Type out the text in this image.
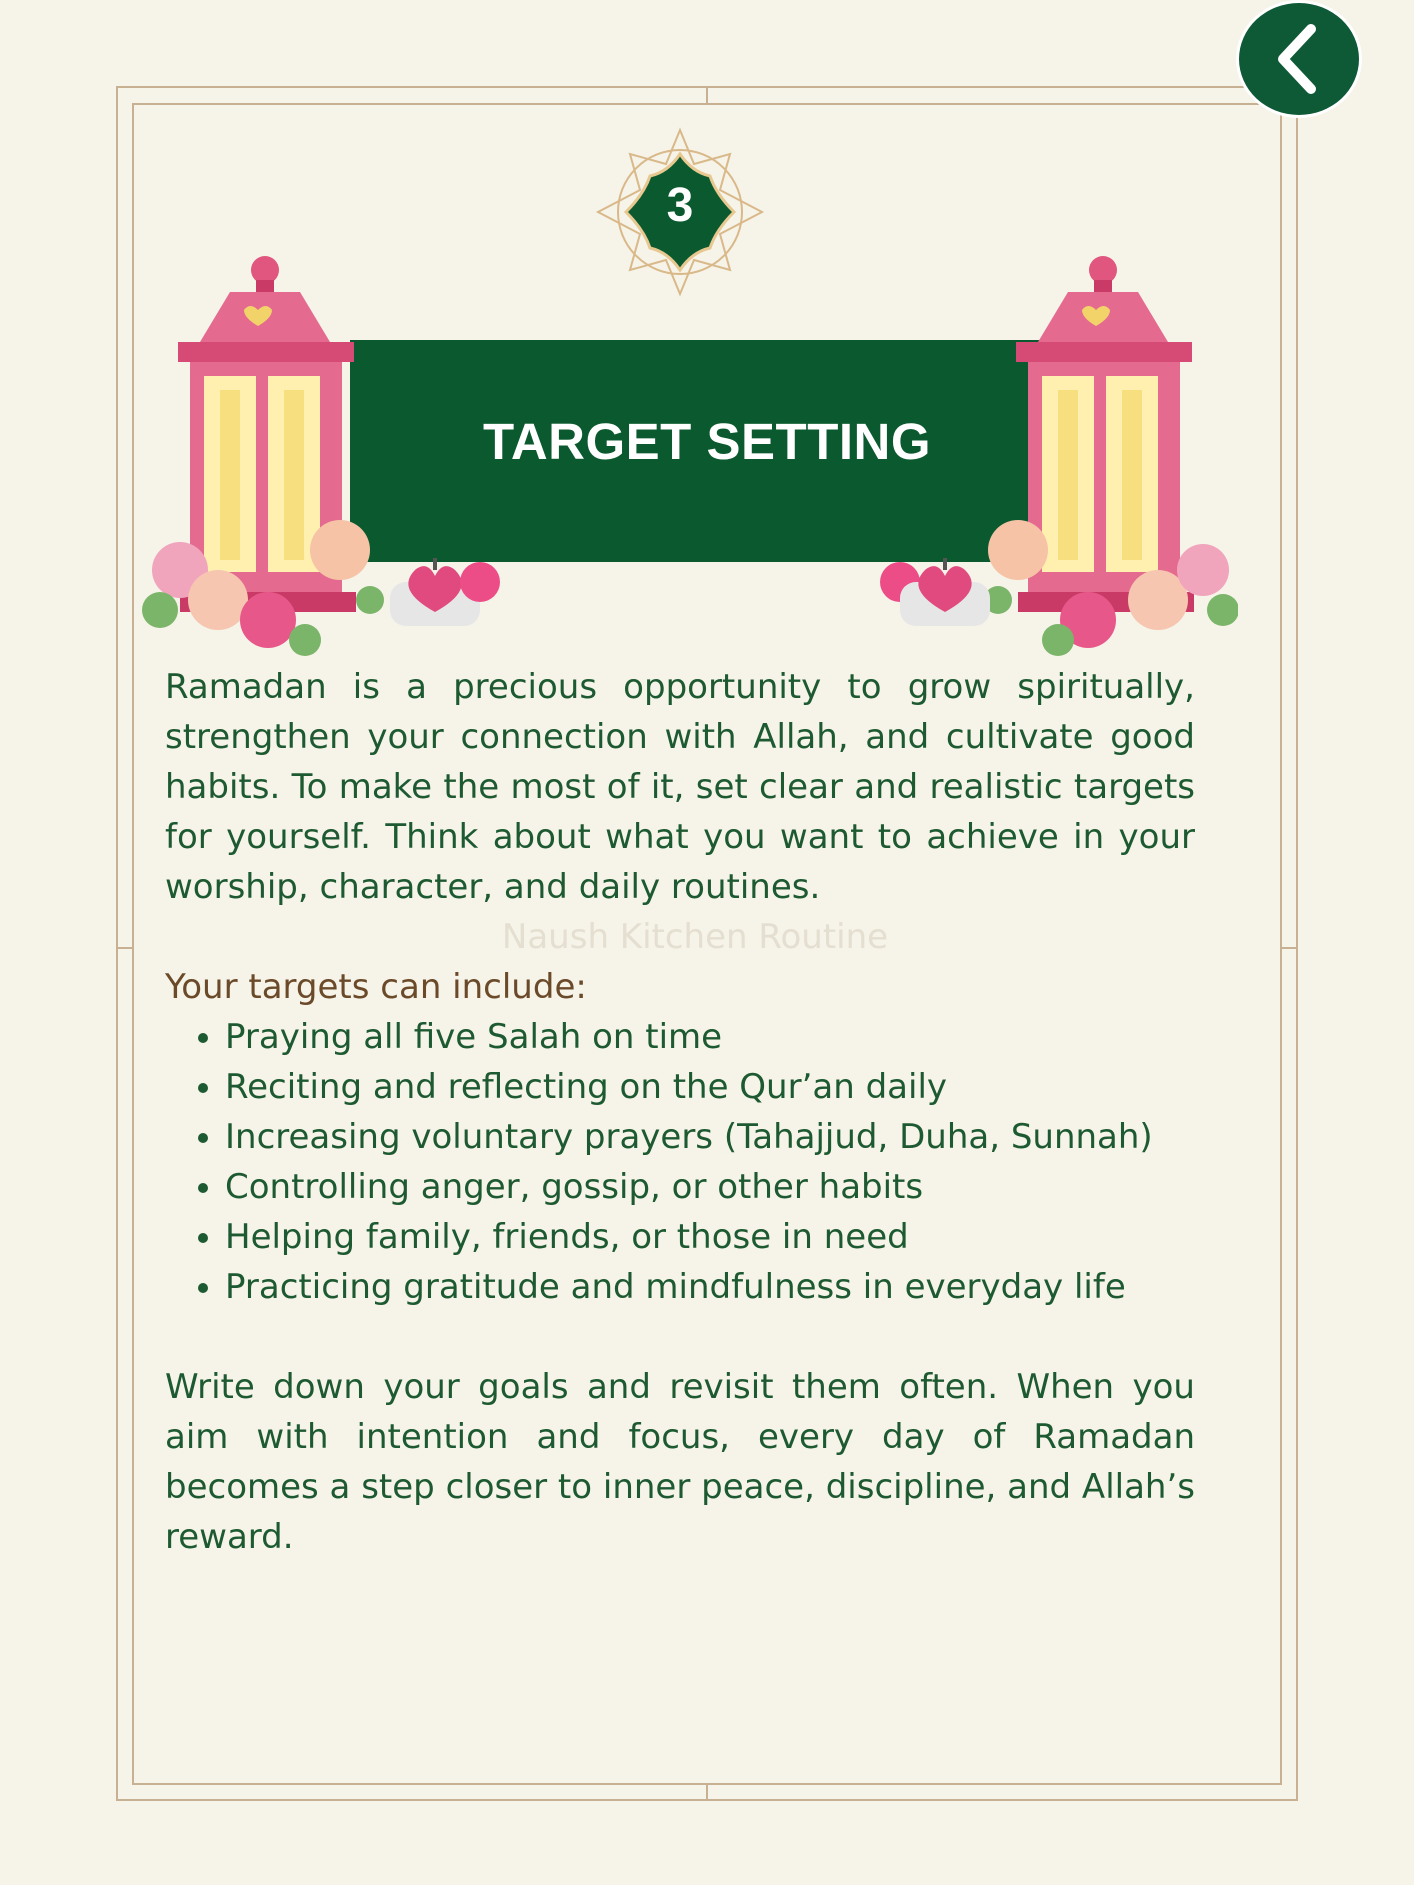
3
TARGET SETTING

Ramadan is a precious opportunity to grow spiritually, strengthen your connection with Allah, and cultivate good habits. To make the most of it, set clear and realistic targets for yourself. Think about what you want to achieve in your worship, character, and daily routines.

Naush Kitchen Routine

Your targets can include:

• Praying all five Salah on time
• Reciting and reflecting on the Qur’an daily
• Increasing voluntary prayers (Tahajjud, Duha, Sunnah)
• Controlling anger, gossip, or other habits
• Helping family, friends, or those in need
• Practicing gratitude and mindfulness in everyday life

Write down your goals and revisit them often. When you aim with intention and focus, every day of Ramadan becomes a step closer to inner peace, discipline, and Allah’s reward.
